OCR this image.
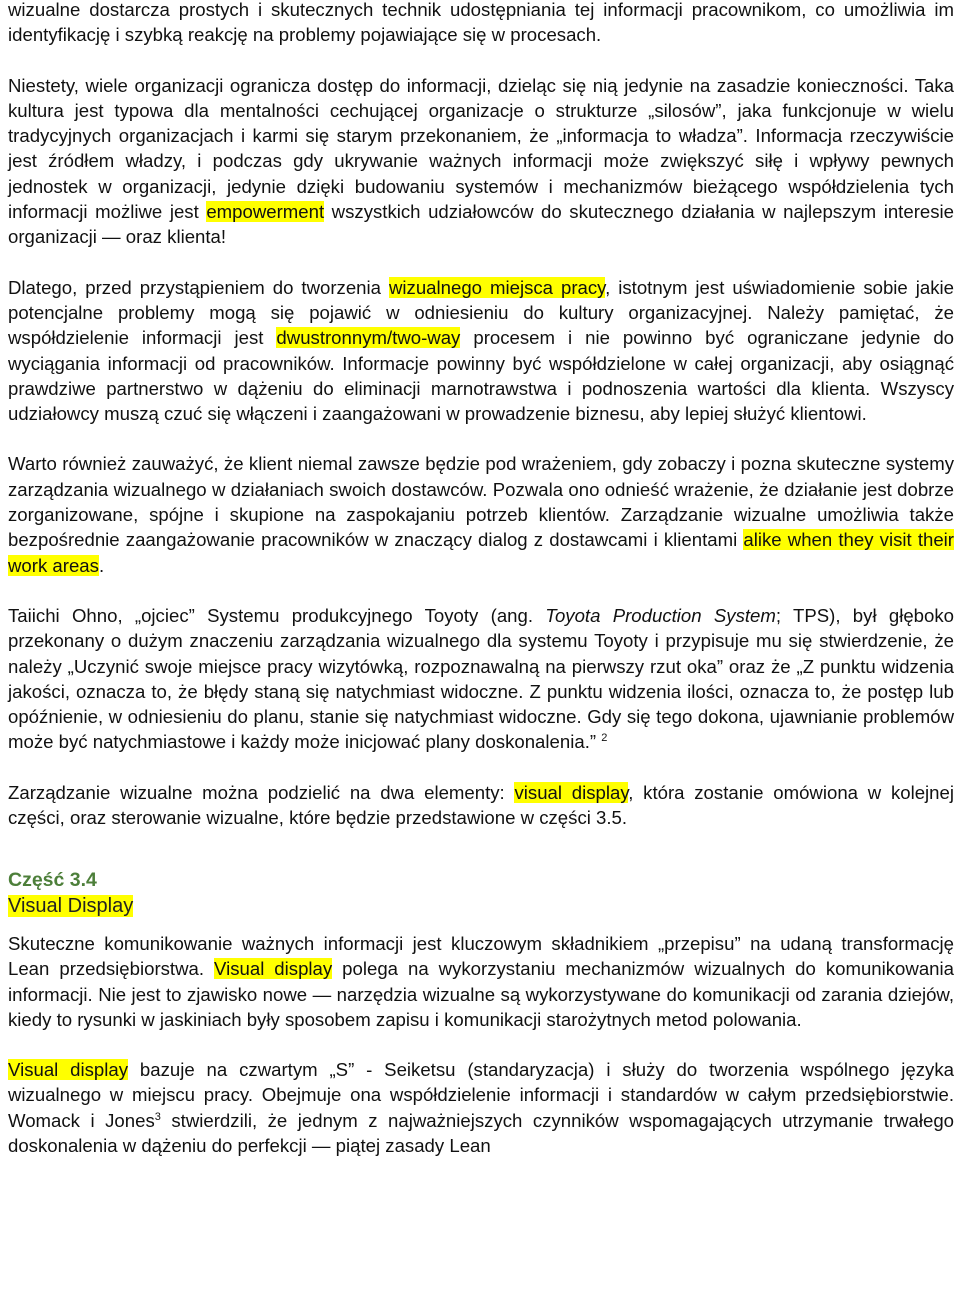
wizualne dostarcza prostych i skutecznych technik udostępniania tej informacji pracownikom, co umożliwia im identyfikację i szybką reakcję na problemy pojawiające się w procesach.

Niestety, wiele organizacji ogranicza dostęp do informacji, dzieląc się nią jedynie na zasadzie konieczności. Taka kultura jest typowa dla mentalności cechującej organizacje o strukturze „silosów”, jaka funkcjonuje w wielu tradycyjnych organizacjach i karmi się starym przekonaniem, że „informacja to władza”. Informacja rzeczywiście jest źródłem władzy, i podczas gdy ukrywanie ważnych informacji może zwiększyć siłę i wpływy pewnych jednostek w organizacji, jedynie dzięki budowaniu systemów i mechanizmów bieżącego współdzielenia tych informacji możliwe jest empowerment wszystkich udziałowców do skutecznego działania w najlepszym interesie organizacji — oraz klienta!

Dlatego, przed przystąpieniem do tworzenia wizualnego miejsca pracy, istotnym jest uświadomienie sobie jakie potencjalne problemy mogą się pojawić w odniesieniu do kultury organizacyjnej. Należy pamiętać, że współdzielenie informacji jest dwustronnym/two-way procesem i nie powinno być ograniczane jedynie do wyciągania informacji od pracowników. Informacje powinny być współdzielone w całej organizacji, aby osiągnąć prawdziwe partnerstwo w dążeniu do eliminacji marnotrawstwa i podnoszenia wartości dla klienta. Wszyscy udziałowcy muszą czuć się włączeni i zaangażowani w prowadzenie biznesu, aby lepiej służyć klientowi.

Warto również zauważyć, że klient niemal zawsze będzie pod wrażeniem, gdy zobaczy i pozna skuteczne systemy zarządzania wizualnego w działaniach swoich dostawców. Pozwala ono odnieść wrażenie, że działanie jest dobrze zorganizowane, spójne i skupione na zaspokajaniu potrzeb klientów. Zarządzanie wizualne umożliwia także bezpośrednie zaangażowanie pracowników w znaczący dialog z dostawcami i klientami alike when they visit their work areas.

Taiichi Ohno, „ojciec” Systemu produkcyjnego Toyoty (ang. Toyota Production System; TPS), był głęboko przekonany o dużym znaczeniu zarządzania wizualnego dla systemu Toyoty i przypisuje mu się stwierdzenie, że należy „Uczynić swoje miejsce pracy wizytówką, rozpoznawalną na pierwszy rzut oka” oraz że „Z punktu widzenia jakości, oznacza to, że błędy staną się natychmiast widoczne. Z punktu widzenia ilości, oznacza to, że postęp lub opóźnienie, w odniesieniu do planu, stanie się natychmiast widoczne. Gdy się tego dokona, ujawnianie problemów może być natychmiastowe i każdy może inicjować plany doskonalenia.” $^2$

Zarządzanie wizualne można podzielić na dwa elementy: visual display, która zostanie omówiona w kolejnej części, oraz sterowanie wizualne, które będzie przedstawione w części 3.5.

Część 3.4

Visual Display

Skuteczne komunikowanie ważnych informacji jest kluczowym składnikiem „przepisu” na udaną transformację Lean przedsiębiorstwa. Visual display polega na wykorzystaniu mechanizmów wizualnych do komunikowania informacji. Nie jest to zjawisko nowe — narzędzia wizualne są wykorzystywane do komunikacji od zarania dziejów, kiedy to rysunki w jaskiniach były sposobem zapisu i komunikacji starożytnych metod polowania.

Visual display bazuje na czwartym „S” - Seiketsu (standaryzacja) i służy do tworzenia wspólnego języka wizualnego w miejscu pracy. Obejmuje ona współdzielenie informacji i standardów w całym przedsiębiorstwie. Womack i Jones$^3$ stwierdzili, że jednym z najważniejszych czynników wspomagających utrzymanie trwałego doskonalenia w dążeniu do perfekcji — piątej zasady Lean
